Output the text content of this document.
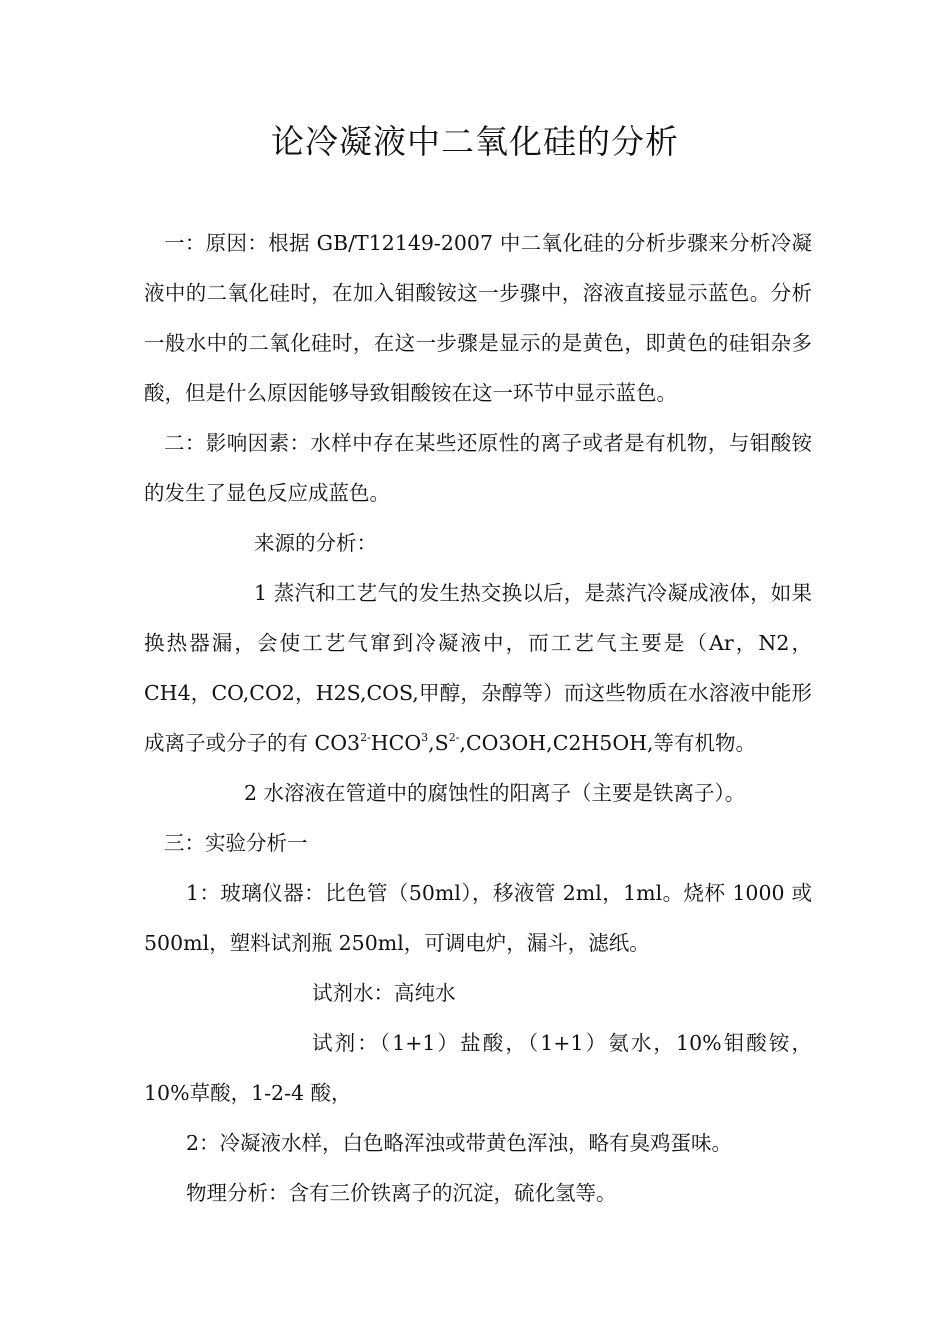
论冷凝液中二氧化硅的分析

一：原因：根据 GB/T12149-2007 中二氧化硅的分析步骤来分析冷凝液中的二氧化硅时，在加入钼酸铵这一步骤中，溶液直接显示蓝色。分析一般水中的二氧化硅时，在这一步骤是显示的是黄色，即黄色的硅钼杂多酸，但是什么原因能够导致钼酸铵在这一环节中显示蓝色。

二：影响因素：水样中存在某些还原性的离子或者是有机物，与钼酸铵的发生了显色反应成蓝色。

来源的分析：

1 蒸汽和工艺气的发生热交换以后，是蒸汽冷凝成液体，如果换热器漏，会使工艺气窜到冷凝液中，而工艺气主要是（Ar，N2，CH4，CO,CO2，H2S,COS,甲醇，杂醇等）而这些物质在水溶液中能形成离子或分子的有 $CO3^{2-}HCO^3,S^{2-},CO3OH,C2H5OH$,等有机物。

2 水溶液在管道中的腐蚀性的阳离子（主要是铁离子）。

三：实验分析一

1：玻璃仪器：比色管（50ml），移液管 2ml，1ml。烧杯 1000 或 500ml，塑料试剂瓶 250ml，可调电炉，漏斗，滤纸。

试剂水：高纯水

试剂：（1+1）盐酸，（1+1）氨水，10%钼酸铵，10%草酸，1-2-4 酸，

2：冷凝液水样，白色略浑浊或带黄色浑浊，略有臭鸡蛋味。

物理分析：含有三价铁离子的沉淀，硫化氢等。
